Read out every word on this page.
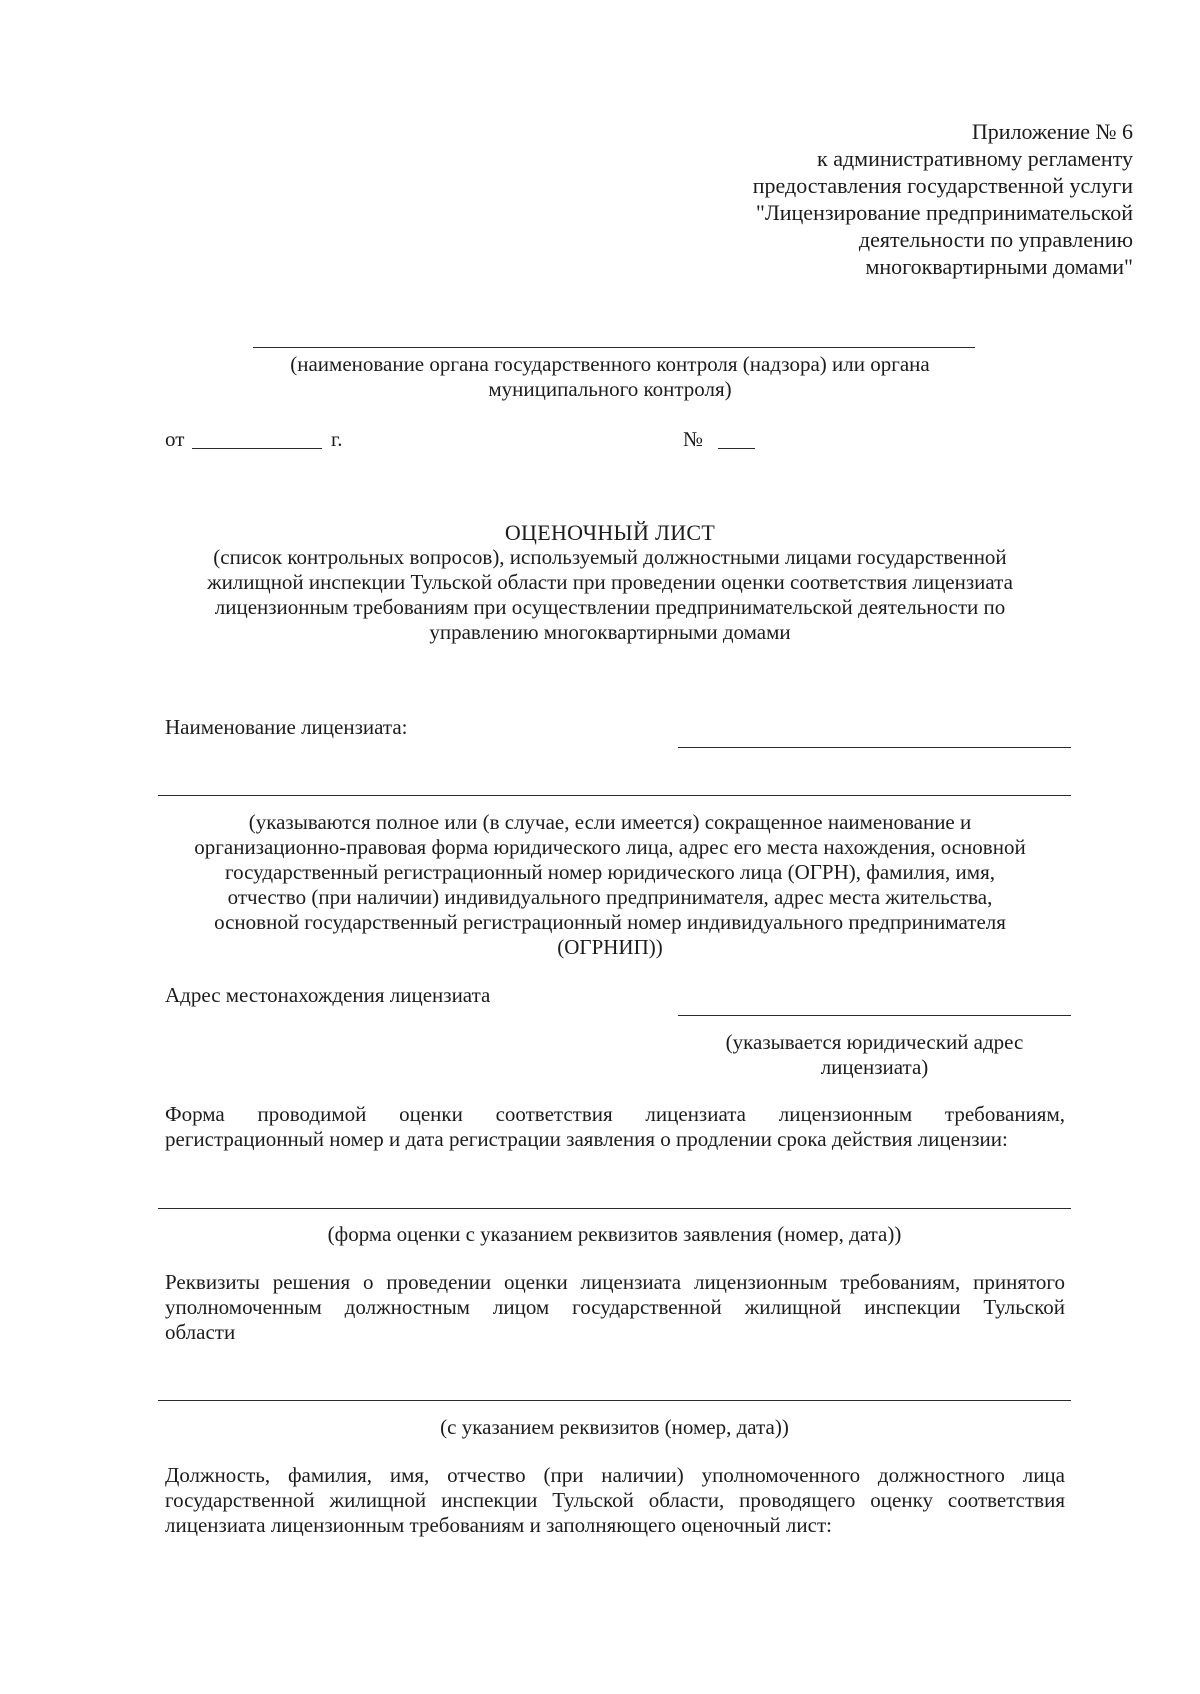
Приложение № 6
к административному регламенту
предоставления государственной услуги
"Лицензирование предпринимательской
деятельности по управлению
многоквартирными домами"
(наименование органа государственного контроля (надзора) или органа
муниципального контроля)
от	г.	№
ОЦЕНОЧНЫЙ ЛИСТ
(список контрольных вопросов), используемый должностными лицами государственной
жилищной инспекции Тульской области при проведении оценки соответствия лицензиата
лицензионным требованиям при осуществлении предпринимательской деятельности по
управлению многоквартирными домами
Наименование лицензиата:
(указываются полное или (в случае, если имеется) сокращенное наименование и
организационно-правовая форма юридического лица, адрес его места нахождения, основной
государственный регистрационный номер юридического лица (ОГРН), фамилия, имя,
отчество (при наличии) индивидуального предпринимателя, адрес места жительства,
основной государственный регистрационный номер индивидуального предпринимателя
(ОГРНИП))
Адрес местонахождения лицензиата
(указывается юридический адрес
лицензиата)
Форма проводимой оценки соответствия лицензиата лицензионным требованиям,
регистрационный номер и дата регистрации заявления о продлении срока действия лицензии:
(форма оценки с указанием реквизитов заявления (номер, дата))
Реквизиты решения о проведении оценки лицензиата лицензионным требованиям, принятого
уполномоченным должностным лицом государственной жилищной инспекции Тульской
области
(с указанием реквизитов (номер, дата))
Должность, фамилия, имя, отчество (при наличии) уполномоченного должностного лица
государственной жилищной инспекции Тульской области, проводящего оценку соответствия
лицензиата лицензионным требованиям и заполняющего оценочный лист:
